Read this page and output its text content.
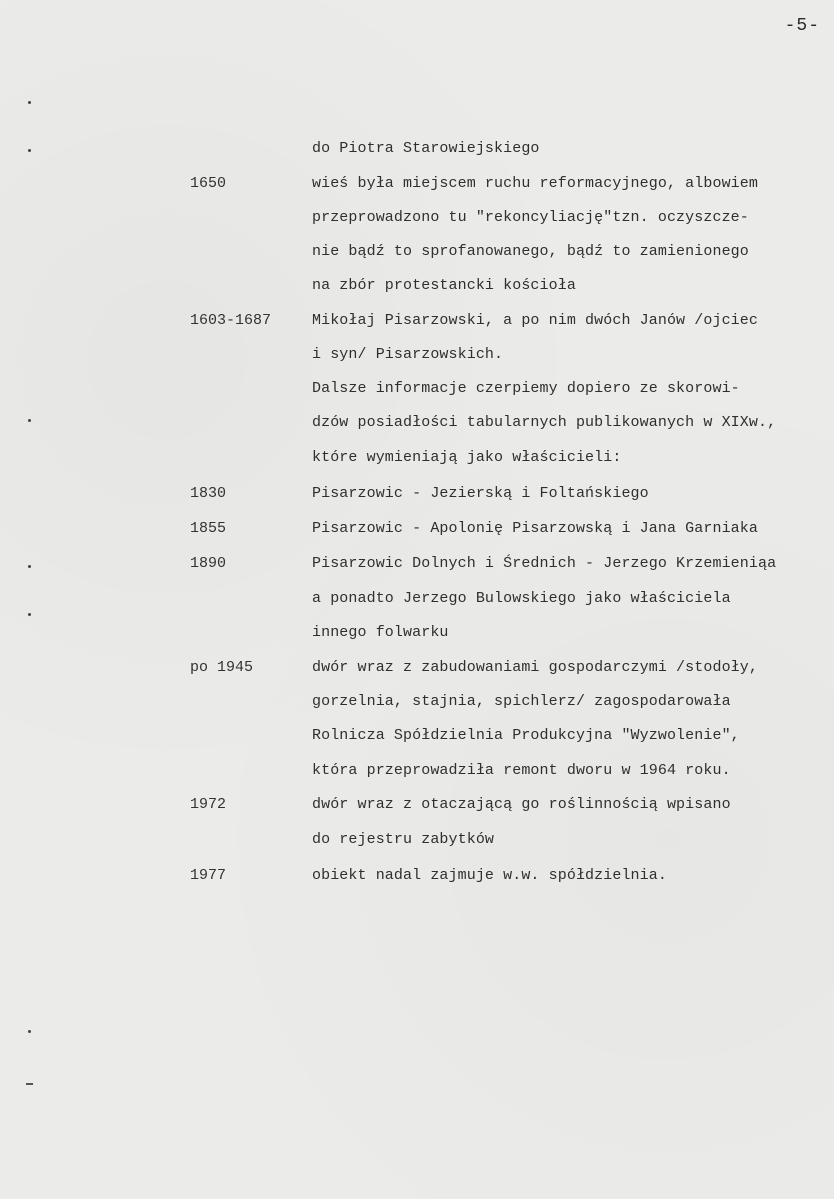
-5-
do Piotra Starowiejskiego
wieś była miejscem ruchu reformacyjnego, albowiem
przeprowadzono tu "rekoncyliację"tzn. oczyszcze-
nie bądź to sprofanowanego, bądź to zamienionego
na zbór protestancki kościoła
Mikołaj Pisarzowski, a po nim dwóch Janów /ojciec
i syn/ Pisarzowskich.
Dalsze informacje czerpiemy dopiero ze skorowi-
dzów posiadłości tabularnych publikowanych w XIXw.,
które wymieniają jako właścicieli:
Pisarzowic - Jezierską i Foltańskiego
Pisarzowic - Apolonię Pisarzowską i Jana Garniaka
Pisarzowic Dolnych i Średnich - Jerzego Krzemieniąa
a ponadto Jerzego Bulowskiego jako właściciela
innego folwarku
dwór wraz z zabudowaniami gospodarczymi /stodoły,
gorzelnia, stajnia, spichlerz/ zagospodarowała
Rolnicza Spółdzielnia Produkcyjna "Wyzwolenie",
która przeprowadziła remont dworu w 1964 roku.
dwór wraz z otaczającą go roślinnością wpisano
do rejestru zabytków
obiekt nadal zajmuje w.w. spółdzielnia.
1650
1603-1687
1830
1855
1890
po 1945
1972
1977
